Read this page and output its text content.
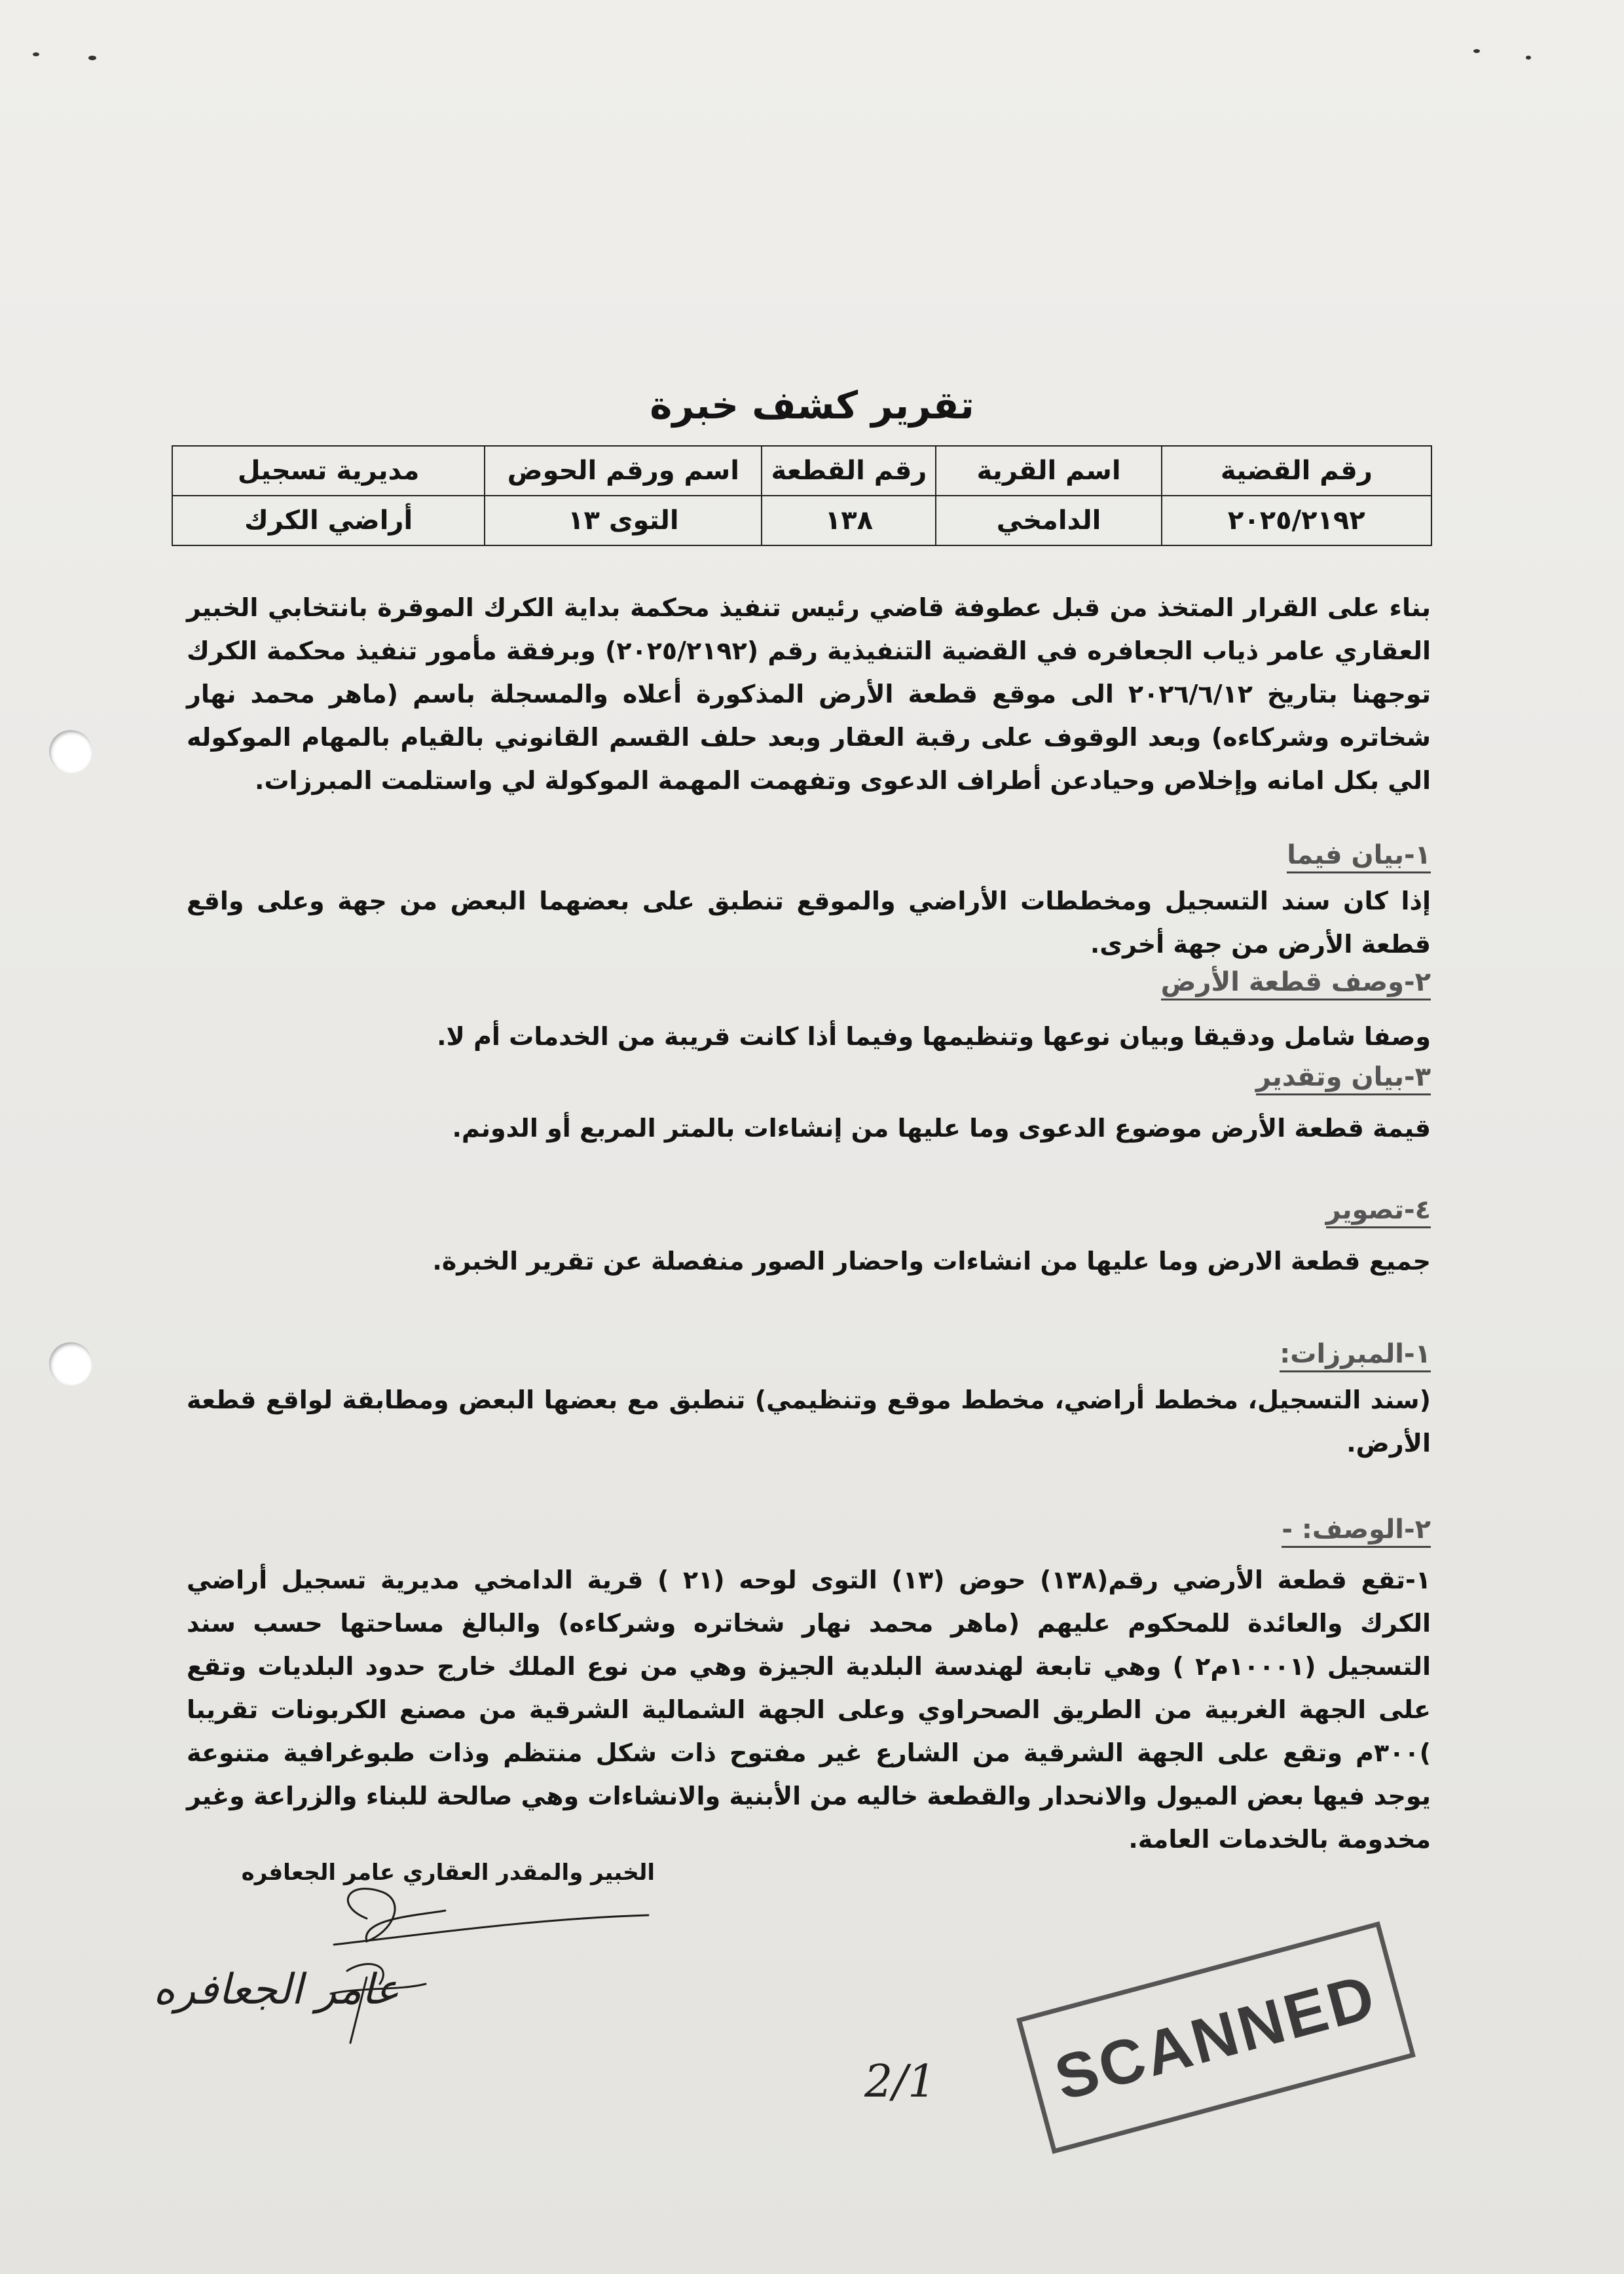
تقرير كشف خبرة
رقم القضية	اسم القرية	رقم القطعة	اسم ورقم الحوض	مديرية تسجيل
٢٠٢٥/٢١٩٢	الدامخي	١٣٨	التوى ١٣	أراضي الكرك
بناء على القرار المتخذ من قبل عطوفة قاضي رئيس تنفيذ محكمة بداية الكرك الموقرة بانتخابي الخبير العقاري عامر ذياب الجعافره في القضية التنفيذية رقم (٢٠٢٥/٢١٩٢) وبرفقة مأمور تنفيذ محكمة الكرك توجهنا بتاريخ ٢٠٢٦/٦/١٢ الى موقع قطعة الأرض المذكورة أعلاه والمسجلة باسم (ماهر محمد نهار شخاتره وشركاءه) وبعد الوقوف على رقبة العقار وبعد حلف القسم القانوني بالقيام بالمهام الموكوله الي بكل امانه وإخلاص وحيادعن أطراف الدعوى وتفهمت المهمة الموكولة لي واستلمت المبرزات.
١-بيان فيما
إذا كان سند التسجيل ومخططات الأراضي والموقع تنطبق على بعضهما البعض من جهة وعلى واقع قطعة الأرض من جهة أخرى.
٢-وصف قطعة الأرض
وصفا شامل ودقيقا وبيان نوعها وتنظيمها وفيما أذا كانت قريبة من الخدمات أم لا.
٣-بيان وتقدير
قيمة قطعة الأرض موضوع الدعوى وما عليها من إنشاءات بالمتر المربع أو الدونم.
٤-تصوير
جميع قطعة الارض وما عليها من انشاءات واحضار الصور منفصلة عن تقرير الخبرة.
١-المبرزات:
(سند التسجيل، مخطط أراضي، مخطط موقع وتنظيمي) تنطبق مع بعضها البعض ومطابقة لواقع قطعة الأرض.
٢-الوصف: -
١-تقع قطعة الأرضي رقم(١٣٨) حوض (١٣) التوى لوحه (٢١ ) قرية الدامخي مديرية تسجيل أراضي الكرك والعائدة للمحكوم عليهم (ماهر محمد نهار شخاتره وشركاءه) والبالغ مساحتها حسب سند التسجيل (١٠٠٠١م٢ ) وهي تابعة لهندسة البلدية الجيزة وهي من نوع الملك خارج حدود البلديات وتقع على الجهة الغربية من الطريق الصحراوي وعلى الجهة الشمالية الشرقية من مصنع الكربونات تقريبا )٣٠٠م وتقع على الجهة الشرقية من الشارع غير مفتوح ذات شكل منتظم وذات طبوغرافية متنوعة يوجد فيها بعض الميول والانحدار والقطعة خاليه من الأبنية والانشاءات وهي صالحة للبناء والزراعة وغير مخدومة بالخدمات العامة.
الخبير والمقدر العقاري عامر الجعافره
عامر الجعافره
2/1	SCANNED
